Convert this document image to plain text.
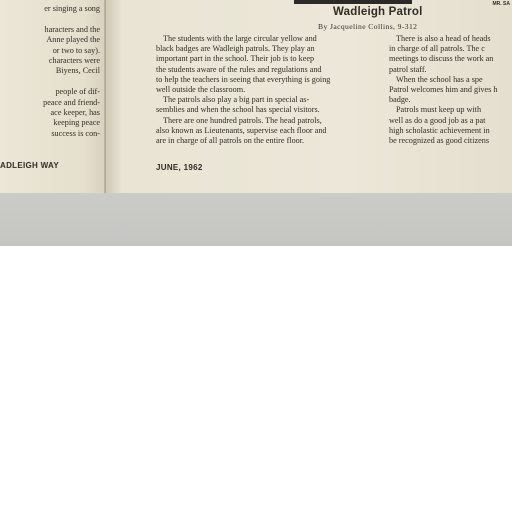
er singing a song
haracters and the
Anne played the
or two to say).
characters were
Biyens, Cecil
people of dif-
peace and friend-
ace keeper, has
keeping peace
success is con-
ADLEIGH WAY
MR. SA
Wadleigh Patrol
By Jacqueline Collins, 9-312
The students with the large circular yellow and
black badges are Wadleigh patrols. They play an
important part in the school. Their job is to keep
the students aware of the rules and regulations and
to help the teachers in seeing that everything is going
well outside the classroom.
The patrols also play a big part in special as-
semblies and when the school has special visitors.
There are one hundred patrols. The head patrols,
also known as Lieutenants, supervise each floor and
are in charge of all patrols on the entire floor.
There is also a head of heads
in charge of all patrols. The c
meetings to discuss the work an
patrol staff.
When the school has a spe
Patrol welcomes him and gives h
badge.
Patrols must keep up with
well as do a good job as a pat
high scholastic achievement in
be recognized as good citizens
JUNE, 1962
